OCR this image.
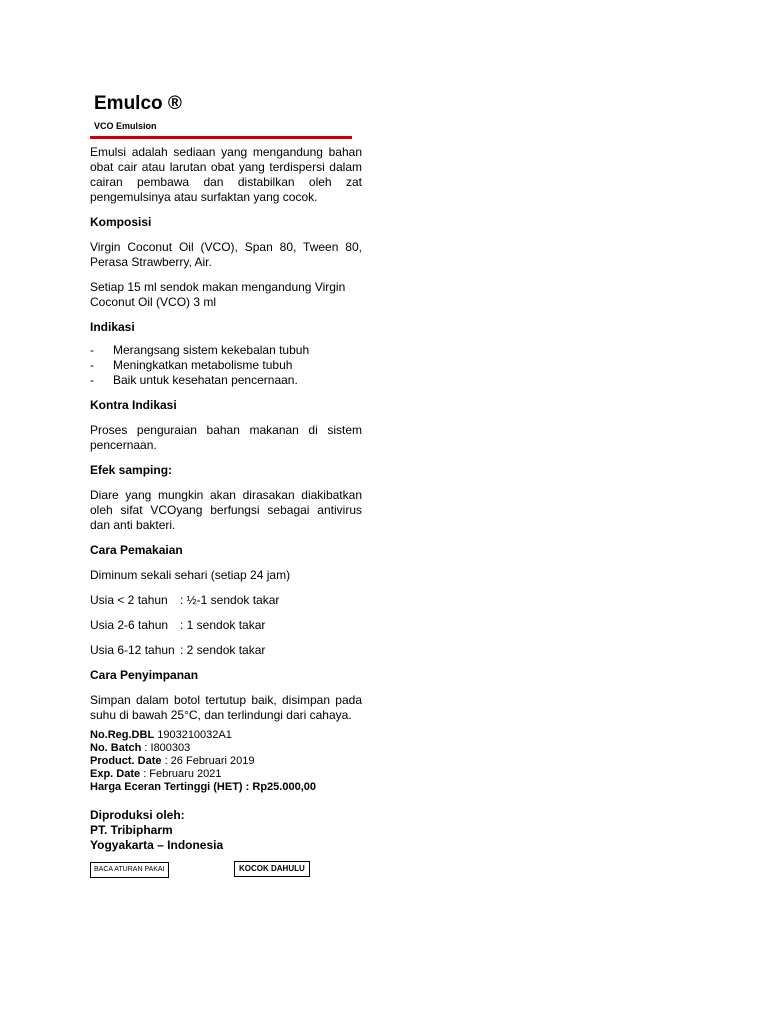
Emulco ®
VCO Emulsion

Emulsi adalah sediaan yang mengandung bahan obat cair atau larutan obat yang terdispersi dalam cairan pembawa dan distabilkan oleh zat pengemulsinya atau surfaktan yang cocok.

Komposisi

Virgin Coconut Oil (VCO), Span 80, Tween 80, Perasa Strawberry, Air.

Setiap 15 ml sendok makan mengandung Virgin Coconut Oil (VCO) 3 ml

Indikasi
- Merangsang sistem kekebalan tubuh
- Meningkatkan metabolisme tubuh
- Baik untuk kesehatan pencernaan.
Kontra Indikasi

Proses penguraian bahan makanan di sistem pencernaan.

Efek samping:

Diare yang mungkin akan dirasakan diakibatkan oleh sifat VCOyang berfungsi sebagai antivirus dan anti bakteri.

Cara Pemakaian

Diminum sekali sehari (setiap 24 jam)

Usia < 2 tahun : ½-1 sendok takar
Usia 2-6 tahun : 1 sendok takar
Usia 6-12 tahun : 2 sendok takar
Cara Penyimpanan

Simpan dalam botol tertutup baik, disimpan pada suhu di bawah 25°C, dan terlindungi dari cahaya.

No.Reg.DBL 1903210032A1
No. Batch : I800303
Product. Date : 26 Februari 2019
Exp. Date : Februaru 2021
Harga Eceran Tertinggi (HET) : Rp25.000,00
Diproduksi oleh:
PT. Tribipharm
Yogyakarta – Indonesia
BACA ATURAN PAKAI	KOCOK DAHULU
